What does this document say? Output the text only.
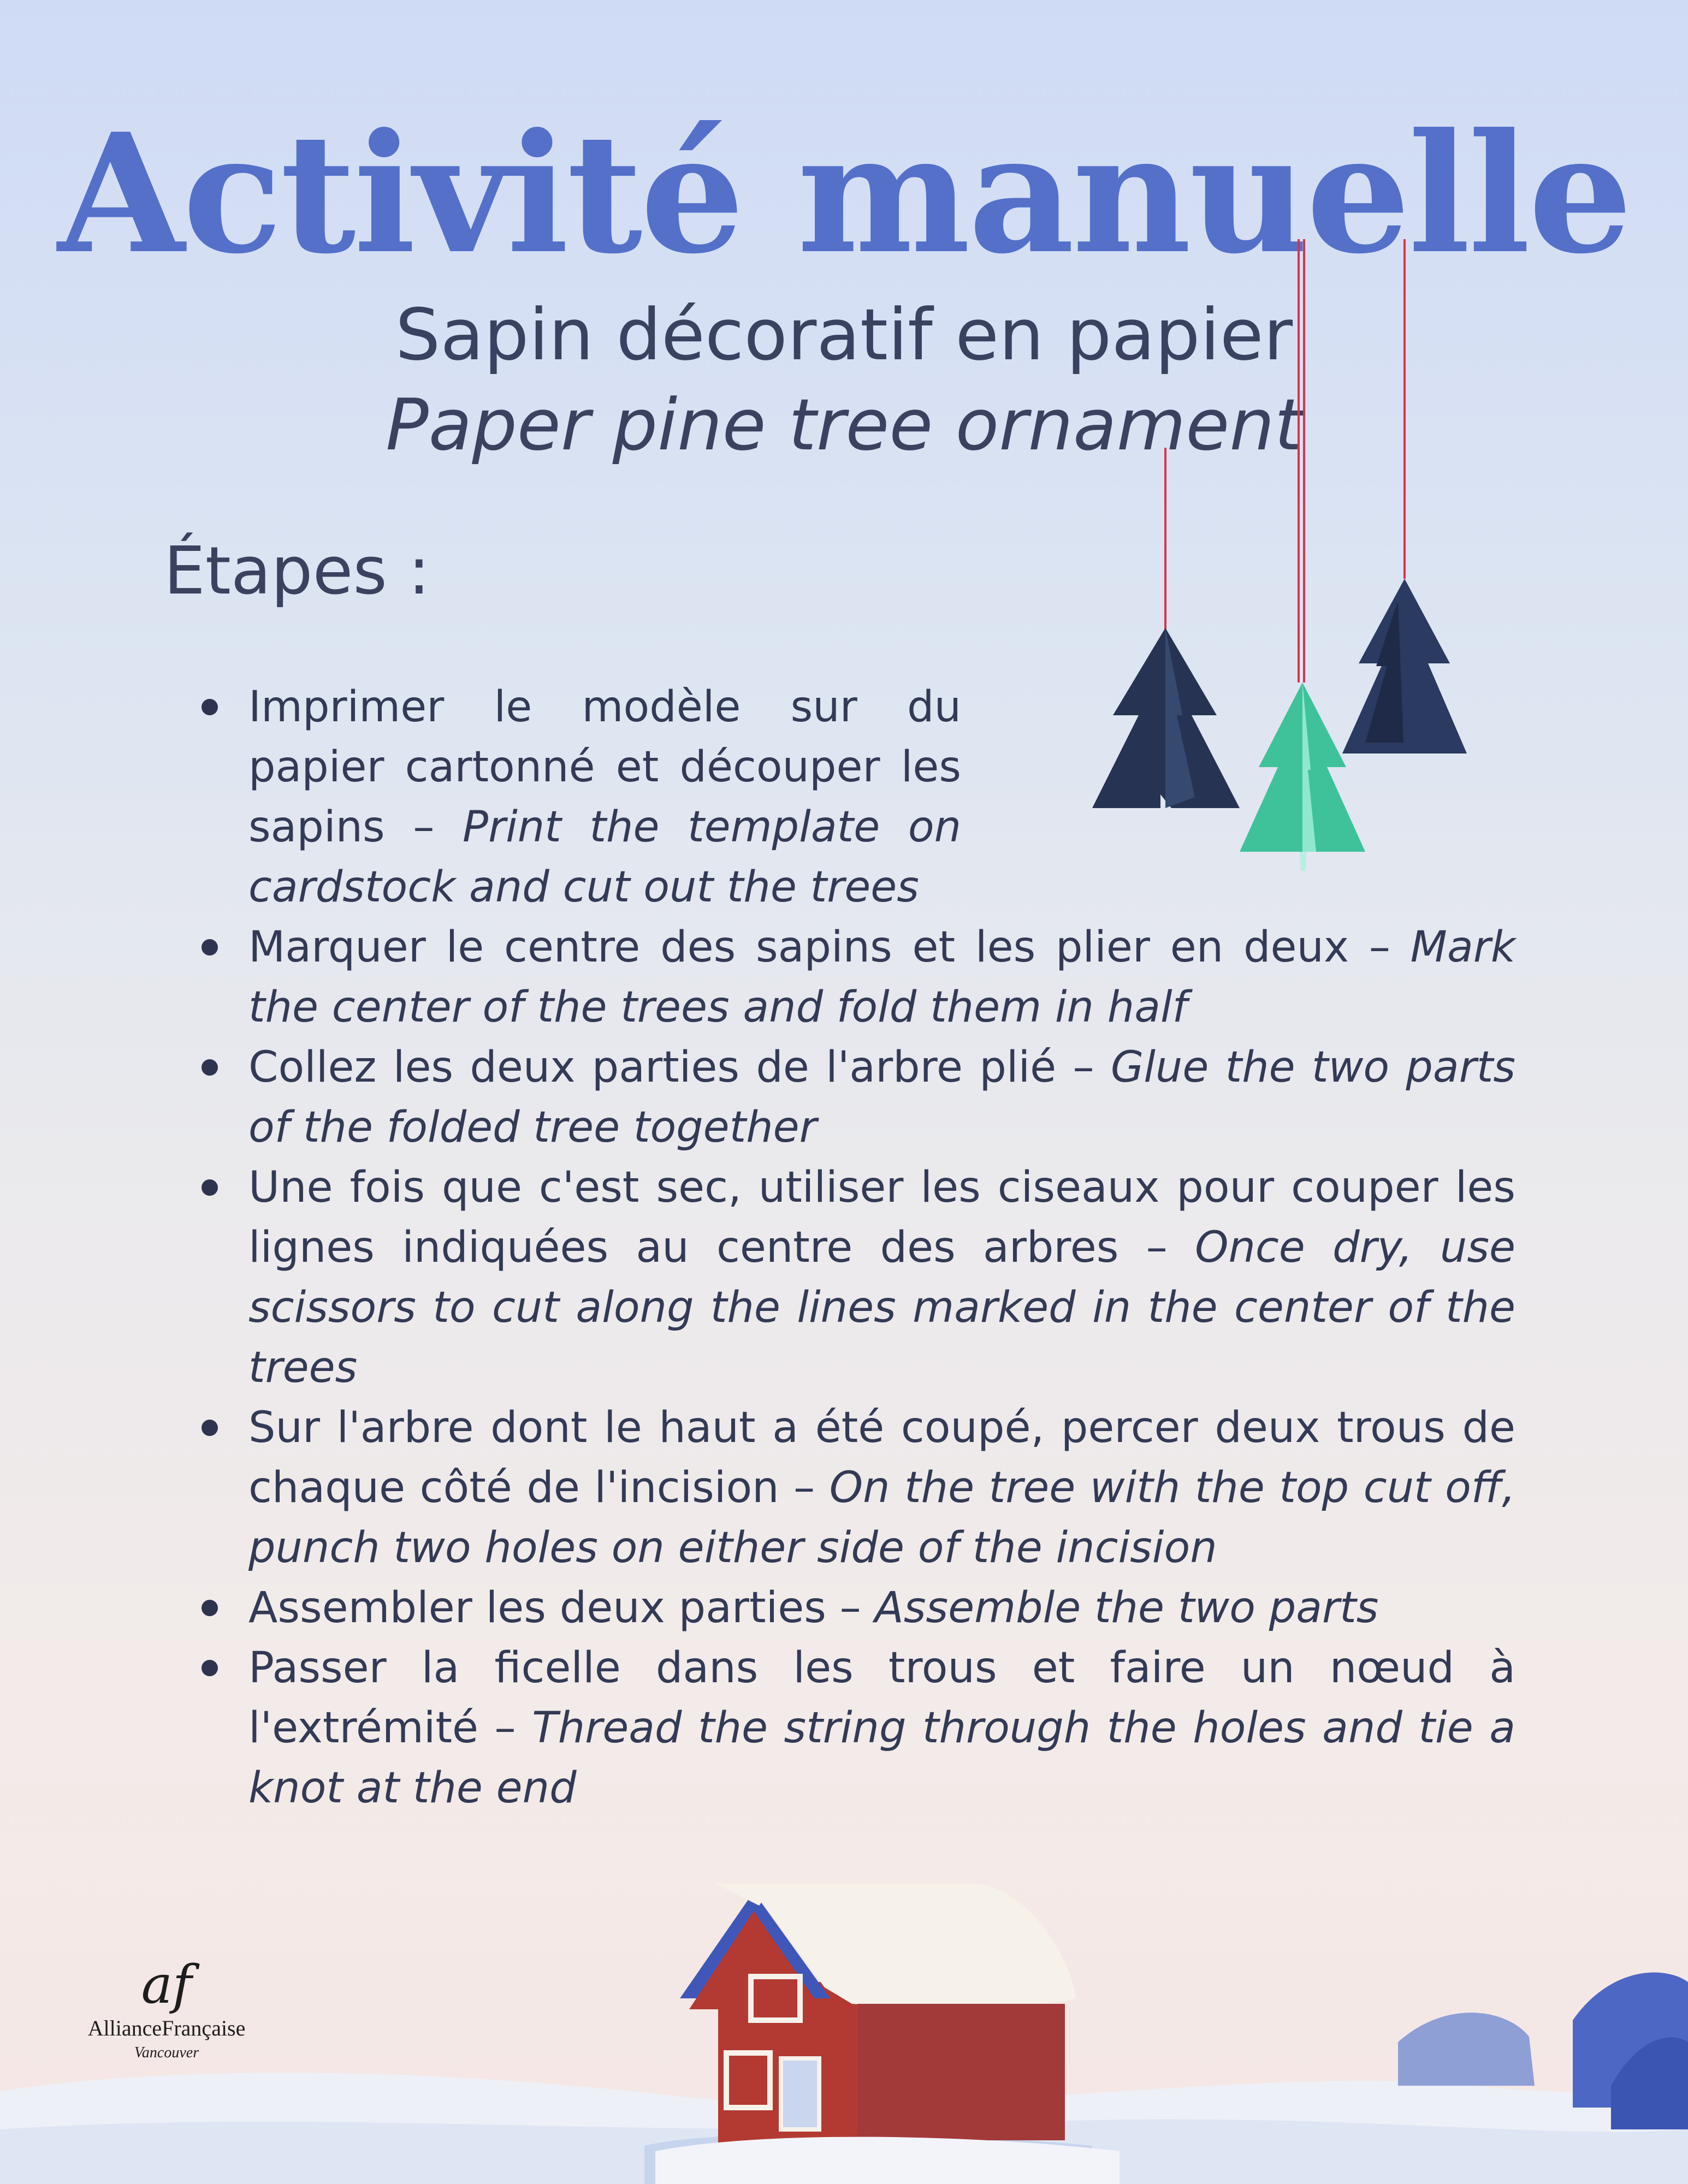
Activité manuelle
Sapin décoratif en papier
Paper pine tree ornament
Étapes :
Imprimer le modèle sur du papier cartonné et découper les sapins – Print the template on cardstock and cut out the trees
Marquer le centre des sapins et les plier en deux – Mark the center of the trees and fold them in half
Collez les deux parties de l'arbre plié – Glue the two parts of the folded tree together
Une fois que c'est sec, utiliser les ciseaux pour couper les lignes indiquées au centre des arbres – Once dry, use scissors to cut along the lines marked in the center of the trees
Sur l'arbre dont le haut a été coupé, percer deux trous de chaque côté de l'incision – On the tree with the top cut off, punch two holes on either side of the incision
Assembler les deux parties – Assemble the two parts
Passer la ficelle dans les trous et faire un nœud à l'extrémité – Thread the string through the holes and tie a knot at the end
af
AllianceFrançaise
Vancouver
